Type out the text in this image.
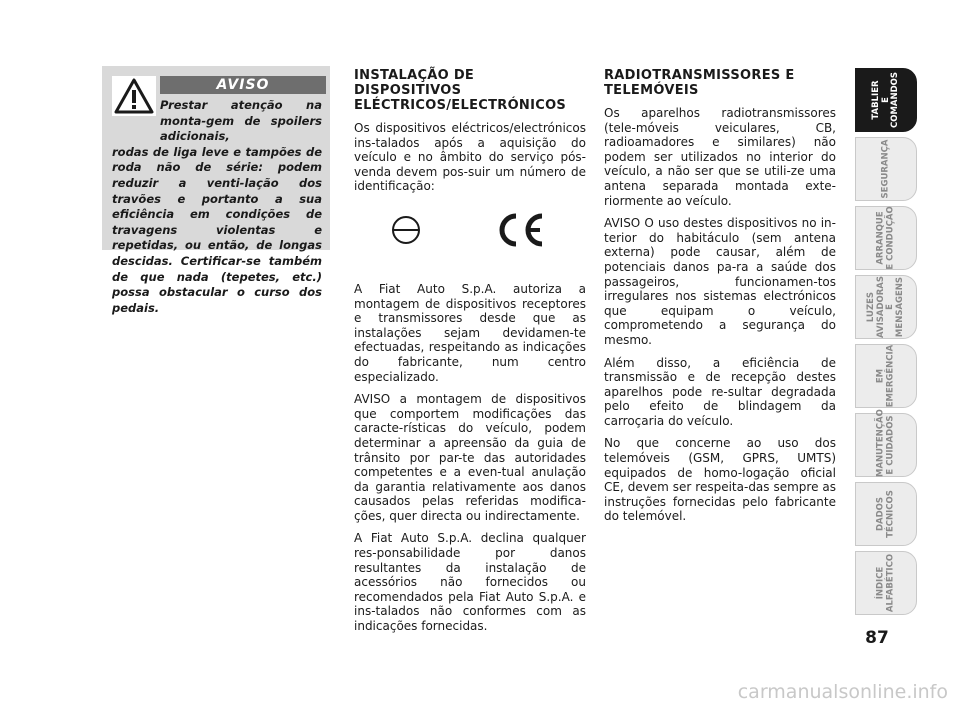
AVISO
Prestar atenção na monta-gem de spoilers adicionais,
rodas de liga leve e tampões de roda não de série: podem reduzir a venti-lação dos travões e portanto a sua eficiência em condições de travagens violentas e repetidas, ou então, de longas descidas. Certificar-se também de que nada (tepetes, etc.) possa obstacular o curso dos pedais.
INSTALAÇÃO DE DISPOSITIVOS ELÉCTRICOS/ELECTRÓNICOS

Os dispositivos eléctricos/electrónicos ins-talados após a aquisição do veículo e no âmbito do serviço pós-venda devem pos-suir um número de identificação:

A Fiat Auto S.p.A. autoriza a montagem de dispositivos receptores e transmissores desde que as instalações sejam devidamen-te efectuadas, respeitando as indicações do fabricante, num centro especializado.

AVISO a montagem de dispositivos que comportem modificações das caracte-rísticas do veículo, podem determinar a apreensão da guia de trânsito por par-te das autoridades competentes e a even-tual anulação da garantia relativamente aos danos causados pelas referidas modifica-ções, quer directa ou indirectamente.

A Fiat Auto S.p.A. declina qualquer res-ponsabilidade por danos resultantes da instalação de acessórios não fornecidos ou recomendados pela Fiat Auto S.p.A. e ins-talados não conformes com as indicações fornecidas.

RADIOTRANSMISSORES E TELEMÓVEIS

Os aparelhos radiotransmissores (tele-móveis veiculares, CB, radioamadores e similares) não podem ser utilizados no interior do veículo, a não ser que se utili-ze uma antena separada montada exte-riormente ao veículo.

AVISO O uso destes dispositivos no in-terior do habitáculo (sem antena externa) pode causar, além de potenciais danos pa-ra a saúde dos passageiros, funcionamen-tos irregulares nos sistemas electrónicos que equipam o veículo, comprometendo a segurança do mesmo.

Além disso, a eficiência de transmissão e de recepção destes aparelhos pode re-sultar degradada pelo efeito de blindagem da carroçaria do veículo.

No que concerne ao uso dos telemóveis (GSM, GPRS, UMTS) equipados de homo-logação oficial CE, devem ser respeita-das sempre as instruções fornecidas pelo fabricante do telemóvel.

TABLIER
E COMANDOS
SEGURANÇA
ARRANQUE
E CONDUÇÃO
LUZES
AVISADORAS
E MENSAGENS
EM
EMERGÊNCIA
MANUTENÇÃO
E CUIDADOS
DADOS
TÉCNICOS
ÍNDICE
ALFABÉTICO
87
carmanualsonline.info
